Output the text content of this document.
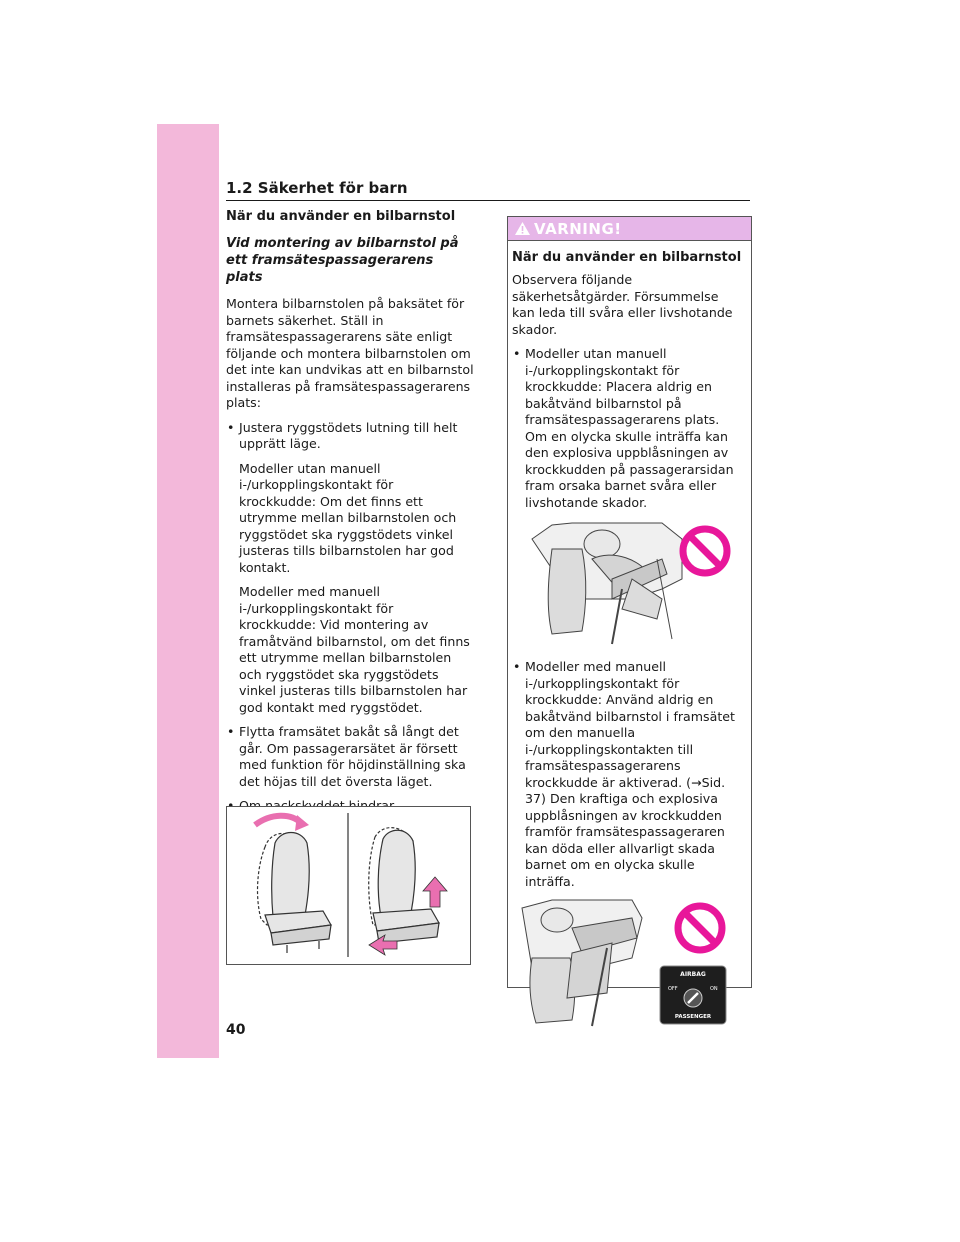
1.2 Säkerhet för barn
När du använder en bilbarnstol
Vid montering av bilbarnstol på ett framsätespassagerarens plats

Montera bilbarnstolen på baksätet för barnets säkerhet. Ställ in framsätespassagerarens säte enligt följande och montera bilbarnstolen om det inte kan undvikas att en bilbarnstol installeras på framsätespassagerarens plats:

• Justera ryggstödets lutning till helt upprätt läge.
Modeller utan manuell i-/urkopplingskontakt för krockkudde: Om det finns ett utrymme mellan bilbarnstolen och ryggstödet ska ryggstödets vinkel justeras tills bilbarnstolen har god kontakt.
Modeller med manuell i-/urkopplingskontakt för krockkudde: Vid montering av framåtvänd bilbarnstol, om det finns ett utrymme mellan bilbarnstolen och ryggstödet ska ryggstödets vinkel justeras tills bilbarnstolen har god kontakt med ryggstödet.
• Flytta framsätet bakåt så långt det går. Om passagerarsätet är försett med funktion för höjdinställning ska det höjas till det översta läget.
VARNING!
När du använder en bilbarnstol

Observera följande säkerhetsåtgärder. Försummelse kan leda till svåra eller livshotande skador.

• Modeller utan manuell i-/urkopplingskontakt för krockkudde: Placera aldrig en bakåtvänd bilbarnstol på framsätespassagerarens plats. Om en olycka skulle inträffa kan den explosiva uppblåsningen av krockkudden på passagerarsidan fram orsaka barnet svåra eller livshotande skador.
• Modeller med manuell i-/urkopplingskontakt för krockkudde: Använd aldrig en bakåtvänd bilbarnstol i framsätet om den manuella i-/urkopplingskontakten till framsätespassagerarens krockkudde är aktiverad. (→Sid. 37) Den kraftiga och explosiva uppblåsningen av krockkudden framför framsätespassageraren kan döda eller allvarligt skada barnet om en olycka skulle inträffa.
AIRBAG
OFF	ON
PASSENGER
40
